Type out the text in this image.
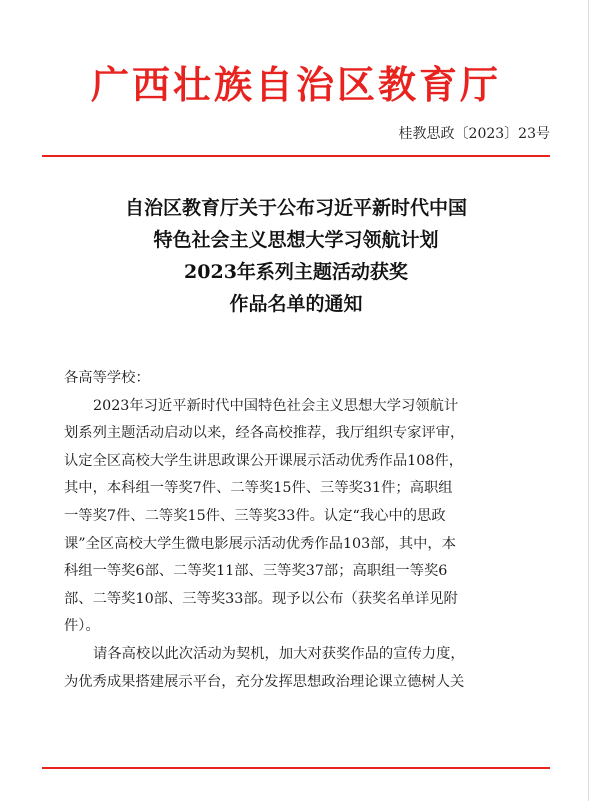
广西壮族自治区教育厅
桂教思政〔2023〕23号
自治区教育厅关于公布习近平新时代中国
特色社会主义思想大学习领航计划
2023年系列主题活动获奖
作品名单的通知
各高等学校：
2023年习近平新时代中国特色社会主义思想大学习领航计
划系列主题活动启动以来，经各高校推荐，我厅组织专家评审，
认定全区高校大学生讲思政课公开课展示活动优秀作品108件，
其中，本科组一等奖7件、二等奖15件、三等奖31件；高职组
一等奖7件、二等奖15件、三等奖33件。认定“我心中的思政
课”全区高校大学生微电影展示活动优秀作品103部，其中，本
科组一等奖6部、二等奖11部、三等奖37部；高职组一等奖6
部、二等奖10部、三等奖33部。现予以公布（获奖名单详见附
件）。
请各高校以此次活动为契机，加大对获奖作品的宣传力度，
为优秀成果搭建展示平台，充分发挥思想政治理论课立德树人关
